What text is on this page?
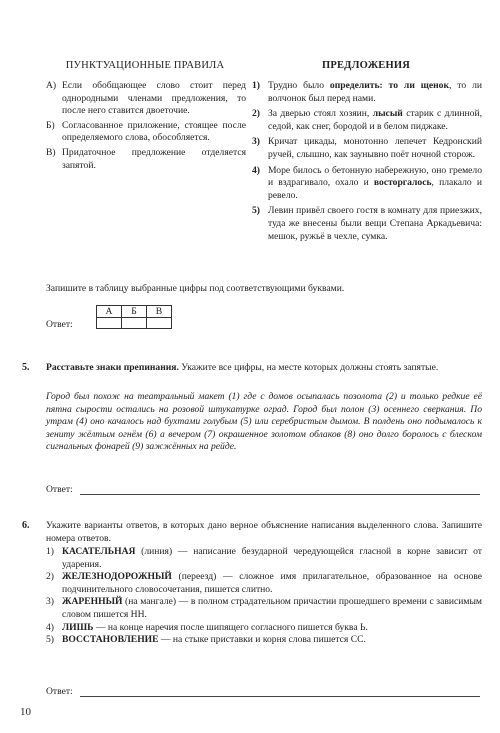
ПУНКТУАЦИОННЫЕ ПРАВИЛА
А) Если обобщающее слово стоит перед однородными членами предложения, то после него ставится двоеточие.
Б) Согласованное приложение, стоящее после определяемого слова, обособляется.
В) Придаточное предложение отделяется запятой.
ПРЕДЛОЖЕНИЯ
1) Трудно было определить: то ли щенок, то ли волчонок был перед нами.
2) За дверью стоял хозяин, лысый старик с длинной, седой, как снег, бородой и в белом пиджаке.
3) Кричат цикады, монотонно лепечет Кедронский ручей, слышно, как заунывно поёт ночной сторож.
4) Море билось о бетонную набережную, оно гремело и вздрагивало, охало и восторгалось, плакало и ревело.
5) Левин привёл своего гостя в комнату для приезжих, туда же внесены были вещи Степана Аркадьевича: мешок, ружьё в чехле, сумка.
Запишите в таблицу выбранные цифры под соответствующими буквами.
Ответ:
А	Б	В

5. Расставьте знаки препинания. Укажите все цифры, на месте которых должны стоять запятые.
Город был похож на театральный макет (1) где с домов осыпалась позолота (2) и только редкие её пятна сырости остались на розовой штукатурке оград. Город был полон (3) осеннего сверкания. По утрам (4) оно качалось над бухтами голубым (5) или серебристым дымом. В полдень оно подымалось к зениту жёлтым огнём (6) а вечером (7) окрашенное золотом облаков (8) оно долго боролось с блеском сигнальных фонарей (9) зажжённых на рейде.
Ответ:
6. Укажите варианты ответов, в которых дано верное объяснение написания выделенного слова. Запишите номера ответов.
1) КАСАТЕЛЬНАЯ (линия) — написание безударной чередующейся гласной в корне зависит от ударения.
2) ЖЕЛЕЗНОДОРОЖНЫЙ (переезд) — сложное имя прилагательное, образованное на основе подчинительного словосочетания, пишется слитно.
3) ЖАРЕННЫЙ (на мангале) — в полном страдательном причастии прошедшего времени с зависимым словом пишется НН.
4) ЛИШЬ — на конце наречия после шипящего согласного пишется буква Ь.
5) ВОССТАНОВЛЕНИЕ — на стыке приставки и корня слова пишется СС.
Ответ:
10
